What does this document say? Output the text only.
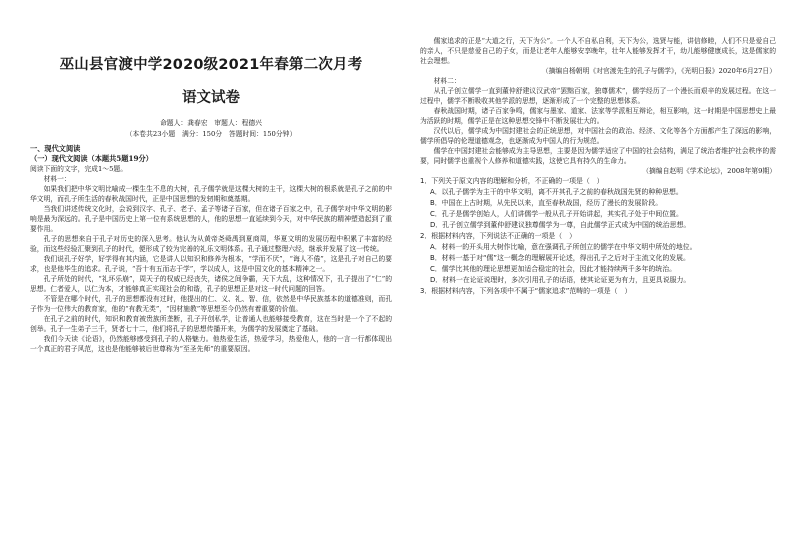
巫山县官渡中学2020级2021年春第二次月考
语文试卷
命题人：龚春宏　审题人：程德兴
（本卷共23小题　满分：150分　答题时间：150分钟）
一、现代文阅读
（一）现代文阅读（本题共5题19分）
阅读下面的文字，完成1～5题。
材料一：

如果我们把中华文明比喻成一棵生生不息的大树，孔子儒学就是这棵大树的主干，这棵大树的根系就是孔子之前的中华文明，而孔子所生活的春秋战国时代，正是中国思想的发轫期和奠基期。

当我们讲述传统文化时，会说到汉字、孔子、老子、孟子等诸子百家，但在诸子百家之中，孔子儒学对中华文明的影响是最为深远的。孔子是中国历史上第一位有系统思想的人，他的思想一直延续到今天，对中华民族的精神塑造起到了重要作用。

孔子的思想来自于孔子对历史的深入思考。他认为从黄帝尧舜禹到夏商周，华夏文明的发展历程中积累了丰富的经验，而这些经验汇聚到孔子的时代，便形成了较为完善的礼乐文明体系。孔子通过整理六经，继承并发展了这一传统。

我们说孔子好学，好学得有其内涵，它是讲人以知识和修养为根本，“学而不厌”，“诲人不倦”，这是孔子对自己的要求，也是他毕生的追求。孔子说，“吾十有五而志于学”，学以成人，这是中国文化的基本精神之一。

孔子所处的时代，“礼坏乐崩”，周天子的权威已经丧失，诸侯之间争霸，天下大乱，这种情况下，孔子提出了“仁”的思想。仁者爱人，以仁为本，才能够真正实现社会的和谐，孔子的思想正是对这一时代问题的回答。

不管是在哪个时代，孔子的思想都没有过时，他提出的仁、义、礼、智、信，依然是中华民族基本的道德准则，而孔子作为一位伟大的教育家，他的“有教无类”，“因材施教”等思想至今仍然有着重要的价值。

在孔子之前的时代，知识和教育被贵族所垄断，孔子开创私学，让普通人也能够接受教育，这在当时是一个了不起的创举。孔子一生弟子三千，贤者七十二，他们将孔子的思想传播开来，为儒学的发展奠定了基础。

我们今天读《论语》，仍然能够感受到孔子的人格魅力。他热爱生活，热爱学习，热爱他人，他的一言一行都体现出一个真正的君子风范，这也是他能够被后世尊称为“至圣先师”的重要原因。

儒家追求的正是“大道之行，天下为公”。一个人不自私自利，天下为公，选贤与能，讲信修睦，人们不只是爱自己的亲人，不只是慈爱自己的子女，而是让老年人能够安享晚年，壮年人能够发挥才干，幼儿能够健康成长，这是儒家的社会理想。

（摘编自杨朝明《对官渡先生的孔子与儒学》，《光明日报》2020年6月27日）
材料二：

从孔子创立儒学一直到董仲舒建议汉武帝“罢黜百家，独尊儒术”，儒学经历了一个漫长而艰辛的发展过程。在这一过程中，儒学不断吸收其他学派的思想，逐渐形成了一个完整的思想体系。

春秋战国时期，诸子百家争鸣，儒家与墨家、道家、法家等学派相互辩论，相互影响，这一时期是中国思想史上最为活跃的时期，儒学正是在这种思想交锋中不断发展壮大的。

汉代以后，儒学成为中国封建社会的正统思想，对中国社会的政治、经济、文化等各个方面都产生了深远的影响，儒学所倡导的伦理道德观念，也逐渐成为中国人的行为规范。

儒学在中国封建社会能够成为主导思想，主要是因为儒学适应了中国的社会结构，满足了统治者维护社会秩序的需要，同时儒学也重视个人修养和道德实践，这使它具有持久的生命力。

（摘编自赵明《学术论坛》，2008年第9期）
1．下列关于原文内容的理解和分析，不正确的一项是（　）
A．以孔子儒学为主干的中华文明，离不开其孔子之前的春秋战国先贤的种种思想。
B．中国在上古时期，从先民以来，直至春秋战国，经历了漫长的发展阶段。
C．孔子是儒学创始人，人们讲儒学一般从孔子开始讲起，其实孔子处于中间位置。
D．孔子创立儒学到董仲舒建议独尊儒学为一尊，自此儒学正式成为中国的统治思想。
2．根据材料内容，下列说法不正确的一项是（　）
A．材料一的开头用大树作比喻，意在强调孔子所创立的儒学在中华文明中所处的地位。
B．材料一基于对“儒”这一概念的理解展开论述，得出孔子之后对于主流文化的发展。
C．儒学比其他的理论思想更加适合稳定的社会，因此才能持续两千多年的统治。
D．材料一在论证说理时，多次引用孔子的话语，使其论证更为有力，且更具说服力。
3．根据材料内容，下列各项中不属于“儒家追求”范畴的一项是（　）
